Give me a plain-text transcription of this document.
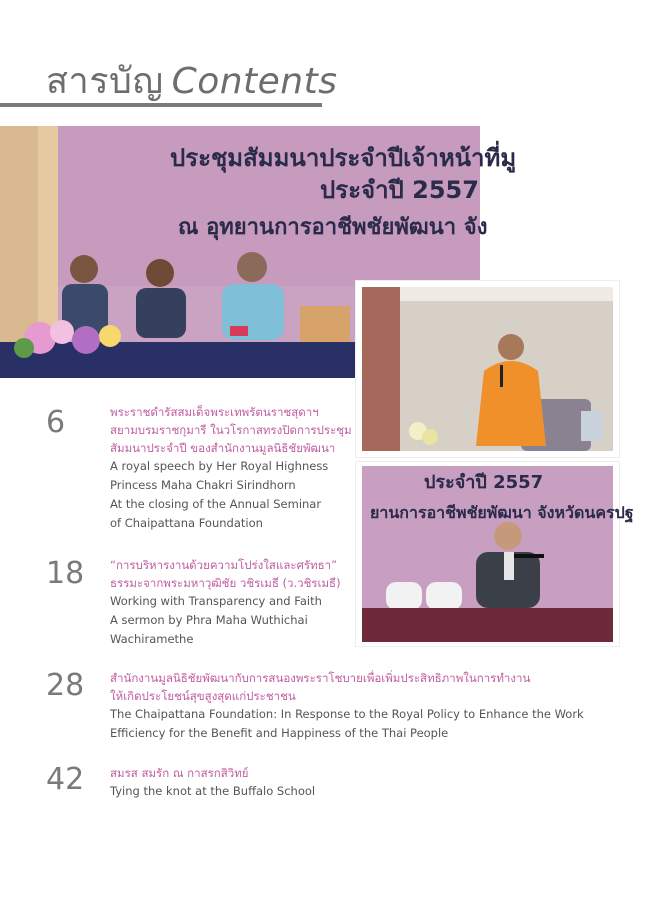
สารบัญ Contents
ประชุมสัมมนาประจำปีเจ้าหน้าที่มู
ประจำปี 2557
ณ อุทยานการอาชีพชัยพัฒนา จัง
ประจำปี 2557
ยานการอาชีพชัยพัฒนา จังหวัดนครปฐ
6	พระราชดำรัสสมเด็จพระเทพรัตนราชสุดาฯ
สยามบรมราชกุมารี ในวโรกาสทรงปิดการประชุม
สัมมนาประจำปี ของสำนักงานมูลนิธิชัยพัฒนา
A royal speech by Her Royal Highness
Princess Maha Chakri Sirindhorn
At the closing of the Annual Seminar
of Chaipattana Foundation
18 “การบริหารงานด้วยความโปร่งใสและศรัทธา”
ธรรมะจากพระมหาวุฒิชัย วชิรเมธี (ว.วชิรเมธี)
Working with Transparency and Faith
A sermon by Phra Maha Wuthichai
Wachiramethe
28 สำนักงานมูลนิธิชัยพัฒนากับการสนองพระราโชบายเพื่อเพิ่มประสิทธิภาพในการทำงาน
ให้เกิดประโยชน์สุขสูงสุดแก่ประชาชน
The Chaipattana Foundation: In Response to the Royal Policy to Enhance the Work
Efficiency for the Benefit and Happiness of the Thai People
42 สมรส สมรัก ณ กาสรกสิวิทย์
Tying the knot at the Buffalo School
